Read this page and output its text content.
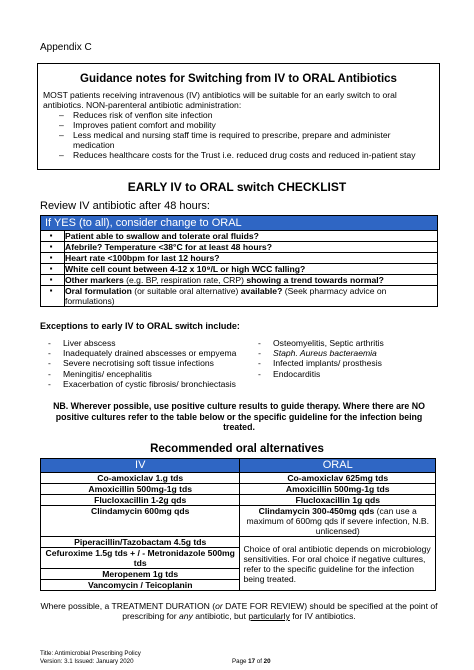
Appendix C
Guidance notes for Switching from IV to ORAL Antibiotics
MOST patients receiving intravenous (IV) antibiotics will be suitable for an early switch to oral antibiotics. NON-parenteral antibiotic administration:
– Reduces risk of venflon site infection
– Improves patient comfort and mobility
– Less medical and nursing staff time is required to prescribe, prepare and administer medication
– Reduces healthcare costs for the Trust i.e. reduced drug costs and reduced in-patient stay
EARLY IV to ORAL switch CHECKLIST
Review IV antibiotic after 48 hours:
If YES (to all), consider change to ORAL	
▪	Patient able to swallow and tolerate oral fluids?
▪	Afebrile? Temperature <38°C for at least 48 hours?
▪	Heart rate <100bpm for last 12 hours?
▪	White cell count between 4-12 x 10⁹/L or high WCC falling?
▪	Other markers (e.g. BP, respiration rate, CRP) showing a trend towards normal?
▪	Oral formulation (or suitable oral alternative) available? (Seek pharmacy advice on formulations)
Exceptions to early IV to ORAL switch include:
- Liver abscess
- Inadequately drained abscesses or empyema
- Severe necrotising soft tissue infections
- Meningitis/ encephalitis
- Exacerbation of cystic fibrosis/ bronchiectasis
- Osteomyelitis, Septic arthritis
- Staph. Aureus bacteraemia
- Infected implants/ prosthesis
- Endocarditis
NB. Wherever possible, use positive culture results to guide therapy. Where there are NO positive cultures refer to the table below or the specific guideline for the infection being treated.
Recommended oral alternatives
IV	ORAL
Co-amoxiclav 1.g tds	Co-amoxiclav 625mg tds
Amoxicillin 500mg-1g tds	Amoxicillin 500mg-1g tds
Flucloxacillin 1-2g qds	Flucloxacillin 1g qds
Clindamycin 600mg qds	Clindamycin 300-450mg qds (can use a maximum of 600mg qds if severe infection, N.B. unlicensed)
Piperacillin/Tazobactam 4.5g tds	Choice of oral antibiotic depends on microbiology sensitivities. For oral choice if negative cultures, refer to the specific guideline for the infection being treated.
Cefuroxime 1.5g tds + / - Metronidazole 500mg tds	
Meropenem 1g tds	
Vancomycin / Teicoplanin	
Where possible, a TREATMENT DURATION (or DATE FOR REVIEW) should be specified at the point of prescribing for any antibiotic, but particularly for IV antibiotics.
Title: Antimicrobial Prescribing Policy
Version: 3.1 Issued: January 2020	Page 17 of 20
